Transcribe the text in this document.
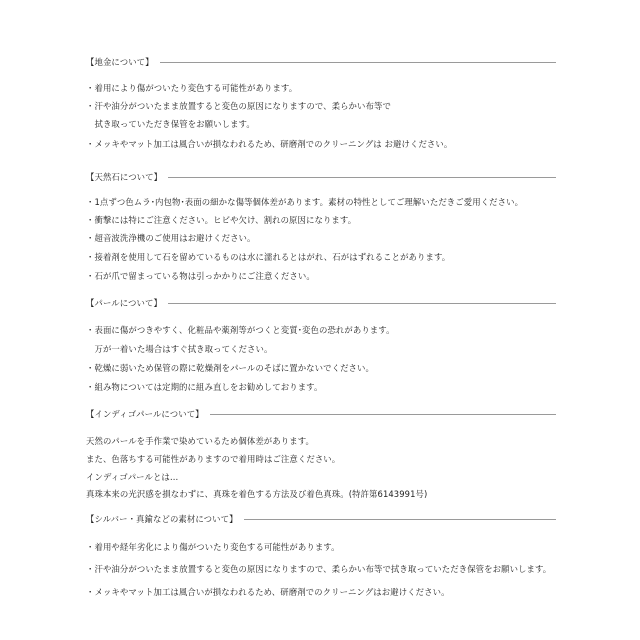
【地金について】
・着用により傷がついたり変色する可能性があります。
・汗や油分がついたまま放置すると変色の原因になりますので、柔らかい布等で
　拭き取っていただき保管をお願いします。
・メッキやマット加工は風合いが損なわれるため、研磨剤でのクリーニングは お避けください。
【天然石について】
・1点ずつ色ムラ･内包物･表面の細かな傷等個体差があります。素材の特性としてご理解いただきご愛用ください。
・衝撃には特にご注意ください。ヒビや欠け、割れの原因になります。
・超音波洗浄機のご使用はお避けください。
・接着剤を使用して石を留めているものは水に濡れるとはがれ、石がはずれることがあります。
・石が爪で留まっている物は引っかかりにご注意ください。
【パールについて】
・表面に傷がつきやすく、化粧品や薬剤等がつくと変質･変色の恐れがあります。
　万が一着いた場合はすぐ拭き取ってください。
・乾燥に弱いため保管の際に乾燥剤をパールのそばに置かないでください。
・組み物については定期的に組み直しをお勧めしております。
【インディゴパールについて】
天然のパールを手作業で染めているため個体差があります。
また、色落ちする可能性がありますので着用時はご注意ください。
インディゴパールとは…
真珠本来の光沢感を損なわずに、真珠を着色する方法及び着色真珠。(特許第6143991号)
【シルバー・真鍮などの素材について】
・着用や経年劣化により傷がついたり変色する可能性があります。
・汗や油分がついたまま放置すると変色の原因になりますので、柔らかい布等で拭き取っていただき保管をお願いします。
・メッキやマット加工は風合いが損なわれるため、研磨剤でのクリーニングはお避けください。
